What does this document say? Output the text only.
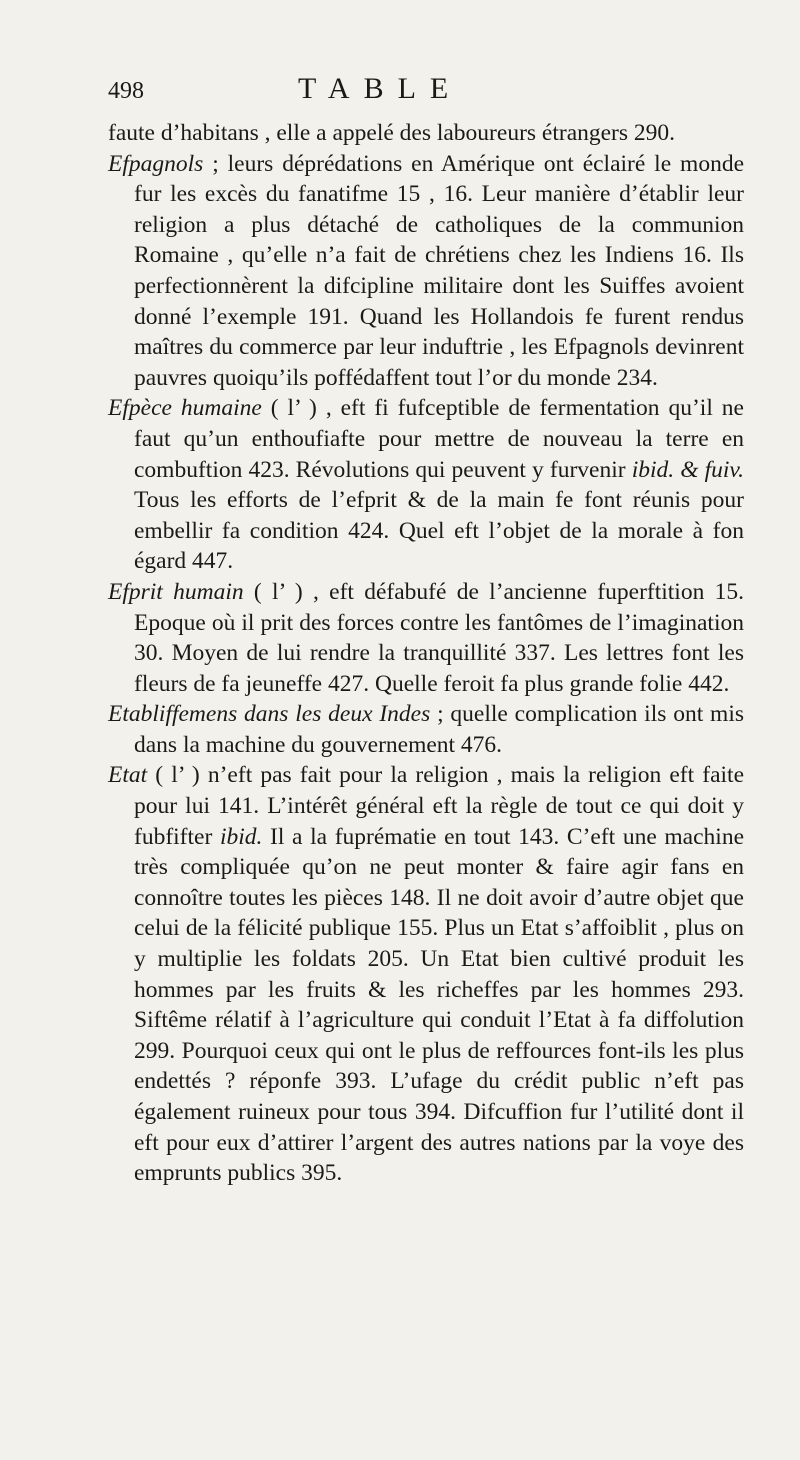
498	TABLE

faute d’habitans , elle a appelé des laboureurs étrangers 290.

Efpagnols ; leurs déprédations en Amérique ont éclairé le monde fur les excès du fanatifme 15 , 16. Leur manière d’établir leur religion a plus détaché de catholiques de la communion Romaine , qu’elle n’a fait de chrétiens chez les Indiens 16. Ils perfectionnèrent la difcipline militaire dont les Suiffes avoient donné l’exemple 191. Quand les Hollandois fe furent rendus maîtres du commerce par leur induftrie , les Efpagnols devinrent pauvres quoiqu’ils poffédaffent tout l’or du monde 234.

Efpèce humaine ( l’ ) , eft fi fufceptible de fermentation qu’il ne faut qu’un enthoufiafte pour mettre de nouveau la terre en combuftion 423. Révolutions qui peuvent y furvenir ibid. & fuiv. Tous les efforts de l’efprit & de la main fe font réunis pour embellir fa condition 424. Quel eft l’objet de la morale à fon égard 447.

Efprit humain ( l’ ) , eft défabufé de l’ancienne fuperftition 15. Epoque où il prit des forces contre les fantômes de l’imagination 30. Moyen de lui rendre la tranquillité 337. Les lettres font les fleurs de fa jeuneffe 427. Quelle feroit fa plus grande folie 442.

Etabliffemens dans les deux Indes ; quelle complication ils ont mis dans la machine du gouvernement 476.

Etat ( l’ ) n’eft pas fait pour la religion , mais la religion eft faite pour lui 141. L’intérêt général eft la règle de tout ce qui doit y fubfifter ibid. Il a la fuprématie en tout 143. C’eft une machine très compliquée qu’on ne peut monter & faire agir fans en connoître toutes les pièces 148. Il ne doit avoir d’autre objet que celui de la félicité publique 155. Plus un Etat s’affoiblit , plus on y multiplie les foldats 205. Un Etat bien cultivé produit les hommes par les fruits & les richeffes par les hommes 293. Siftême rélatif à l’agriculture qui conduit l’Etat à fa diffolution 299. Pourquoi ceux qui ont le plus de reffources font-ils les plus endettés ? réponfe 393. L’ufage du crédit public n’eft pas également ruineux pour tous 394. Difcuffion fur l’utilité dont il eft pour eux d’attirer l’argent des autres nations par la voye des emprunts publics 395.
